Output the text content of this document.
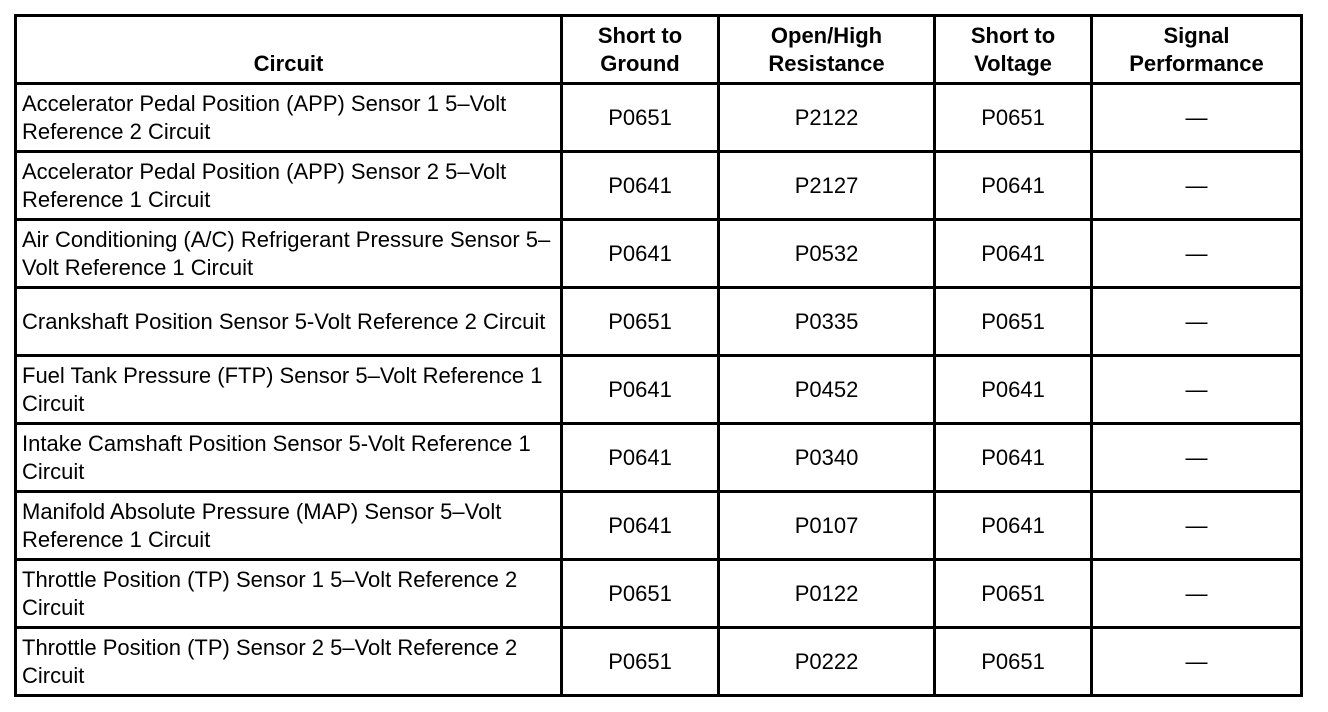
Circuit	Short to Ground	Open/High Resistance	Short to Voltage	Signal Performance
Accelerator Pedal Position (APP) Sensor 1 5–Volt Reference 2 Circuit	P0651	P2122	P0651	—
Accelerator Pedal Position (APP) Sensor 2 5–Volt Reference 1 Circuit	P0641	P2127	P0641	—
Air Conditioning (A/C) Refrigerant Pressure Sensor 5–Volt Reference 1 Circuit	P0641	P0532	P0641	—
Crankshaft Position Sensor 5-Volt Reference 2 Circuit	P0651	P0335	P0651	—
Fuel Tank Pressure (FTP) Sensor 5–Volt Reference 1 Circuit	P0641	P0452	P0641	—
Intake Camshaft Position Sensor 5-Volt Reference 1 Circuit	P0641	P0340	P0641	—
Manifold Absolute Pressure (MAP) Sensor 5–Volt Reference 1 Circuit	P0641	P0107	P0641	—
Throttle Position (TP) Sensor 1 5–Volt Reference 2 Circuit	P0651	P0122	P0651	—
Throttle Position (TP) Sensor 2 5–Volt Reference 2 Circuit	P0651	P0222	P0651	—
